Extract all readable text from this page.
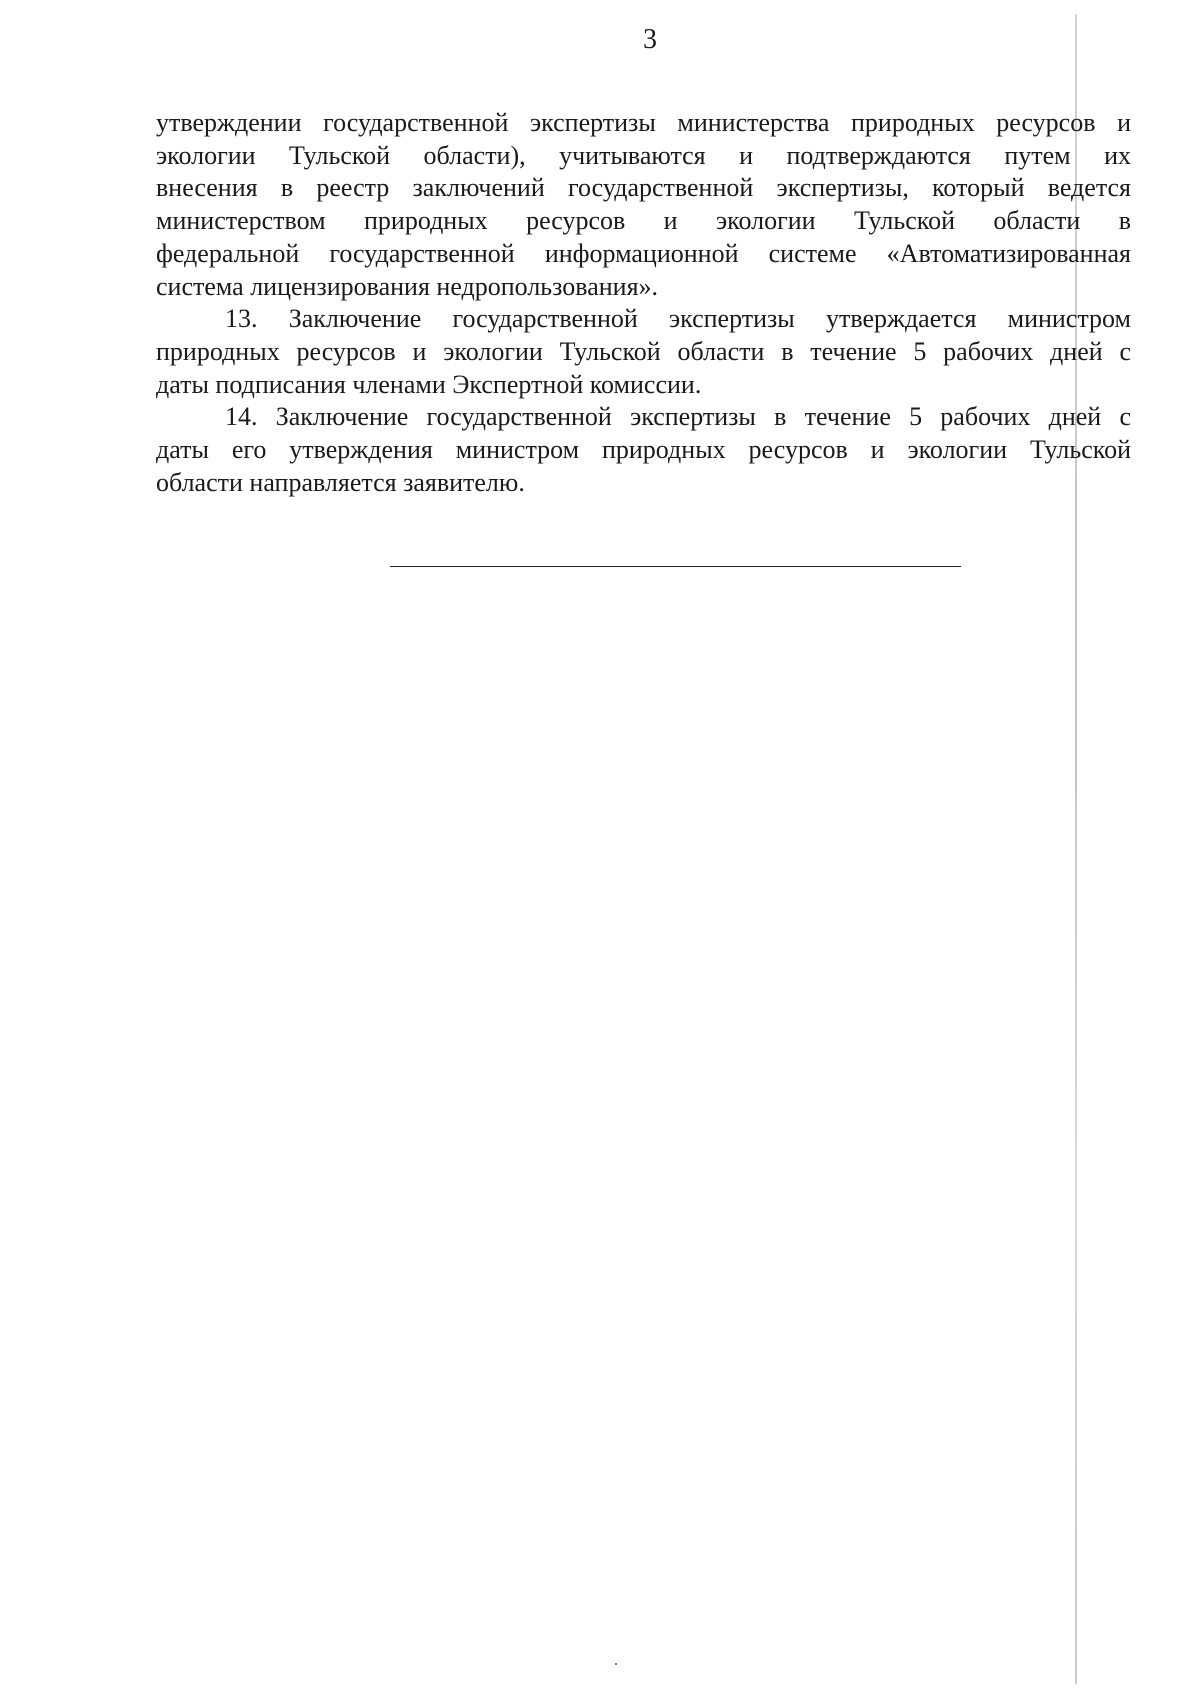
3

утверждении государственной экспертизы министерства природных ресурсов и
экологии Тульской области), учитываются и подтверждаются путем их
внесения в реестр заключений государственной экспертизы, который ведется
министерством природных ресурсов и экологии Тульской области в
федеральной государственной информационной системе «Автоматизированная
система лицензирования недропользования».

13. Заключение государственной экспертизы утверждается министром
природных ресурсов и экологии Тульской области в течение 5 рабочих дней с
даты подписания членами Экспертной комиссии.

14. Заключение государственной экспертизы в течение 5 рабочих дней с
даты его утверждения министром природных ресурсов и экологии Тульской
области направляется заявителю.
